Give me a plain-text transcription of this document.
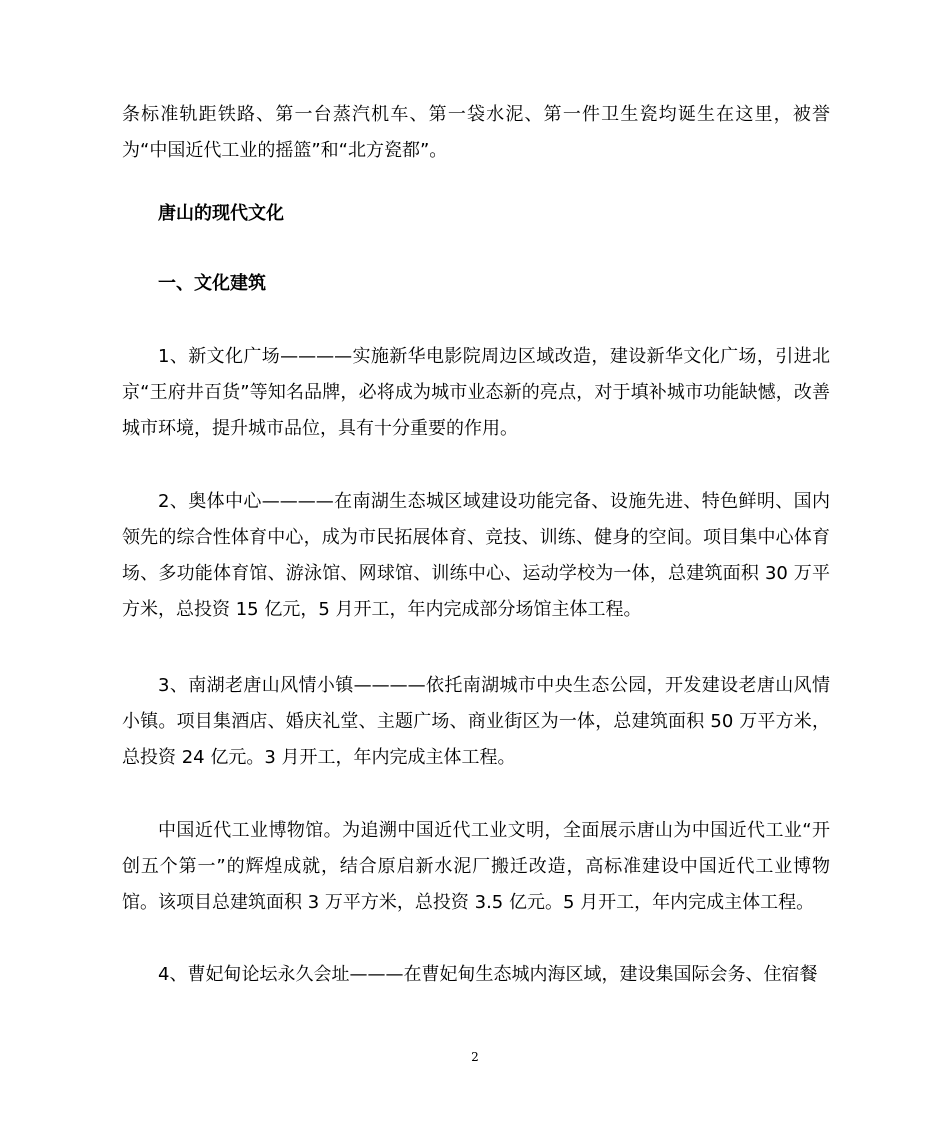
条标准轨距铁路、第一台蒸汽机车、第一袋水泥、第一件卫生瓷均诞生在这里，被誉为“中国近代工业的摇篮”和“北方瓷都”。

唐山的现代文化

一、文化建筑

1、新文化广场————实施新华电影院周边区域改造，建设新华文化广场，引进北京“王府井百货”等知名品牌，必将成为城市业态新的亮点，对于填补城市功能缺憾，改善城市环境，提升城市品位，具有十分重要的作用。

2、奥体中心————在南湖生态城区域建设功能完备、设施先进、特色鲜明、国内领先的综合性体育中心，成为市民拓展体育、竞技、训练、健身的空间。项目集中心体育场、多功能体育馆、游泳馆、网球馆、训练中心、运动学校为一体，总建筑面积 30 万平方米，总投资 15 亿元，5 月开工，年内完成部分场馆主体工程。

3、南湖老唐山风情小镇————依托南湖城市中央生态公园，开发建设老唐山风情小镇。项目集酒店、婚庆礼堂、主题广场、商业街区为一体，总建筑面积 50 万平方米，总投资 24 亿元。3 月开工，年内完成主体工程。

中国近代工业博物馆。为追溯中国近代工业文明，全面展示唐山为中国近代工业“开创五个第一”的辉煌成就，结合原启新水泥厂搬迁改造，高标准建设中国近代工业博物馆。该项目总建筑面积 3 万平方米，总投资 3.5 亿元。5 月开工，年内完成主体工程。

4、曹妃甸论坛永久会址———在曹妃甸生态城内海区域，建设集国际会务、住宿餐

2
